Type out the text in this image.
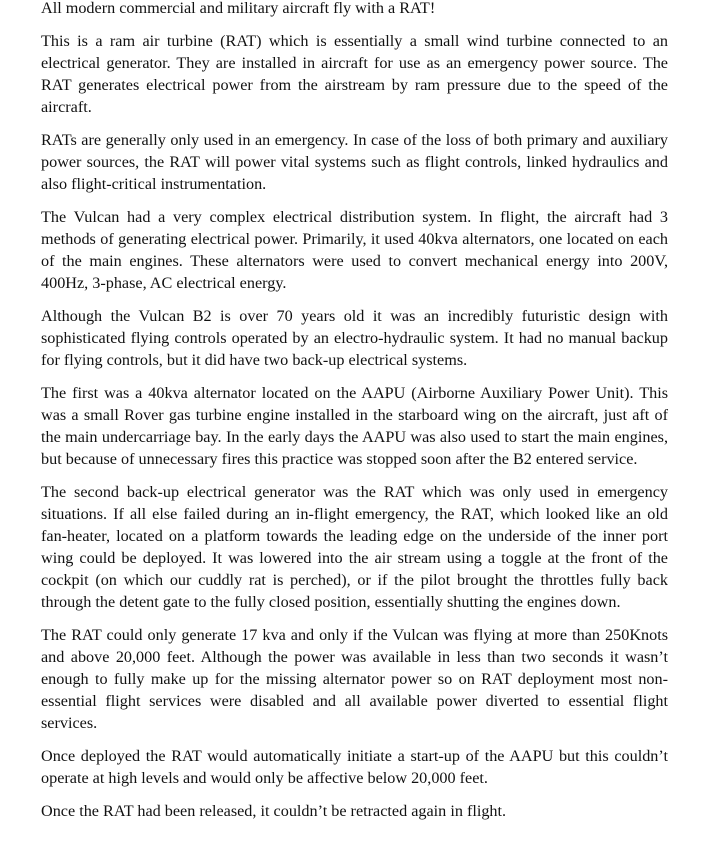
All modern commercial and military aircraft fly with a RAT!

This is a ram air turbine (RAT) which is essentially a small wind turbine connected to an electrical generator. They are installed in aircraft for use as an emergency power source. The RAT generates electrical power from the airstream by ram pressure due to the speed of the aircraft.

RATs are generally only used in an emergency. In case of the loss of both primary and auxiliary power sources, the RAT will power vital systems such as flight controls, linked hydraulics and also flight-critical instrumentation.

The Vulcan had a very complex electrical distribution system. In flight, the aircraft had 3 methods of generating electrical power. Primarily, it used 40kva alternators, one located on each of the main engines. These alternators were used to convert mechanical energy into 200V, 400Hz, 3-phase, AC electrical energy.

Although the Vulcan B2 is over 70 years old it was an incredibly futuristic design with sophisticated flying controls operated by an electro-hydraulic system. It had no manual backup for flying controls, but it did have two back-up electrical systems.

The first was a 40kva alternator located on the AAPU (Airborne Auxiliary Power Unit). This was a small Rover gas turbine engine installed in the starboard wing on the aircraft, just aft of the main undercarriage bay. In the early days the AAPU was also used to start the main engines, but because of unnecessary fires this practice was stopped soon after the B2 entered service.

The second back-up electrical generator was the RAT which was only used in emergency situations. If all else failed during an in-flight emergency, the RAT, which looked like an old fan-heater, located on a platform towards the leading edge on the underside of the inner port wing could be deployed. It was lowered into the air stream using a toggle at the front of the cockpit (on which our cuddly rat is perched), or if the pilot brought the throttles fully back through the detent gate to the fully closed position, essentially shutting the engines down.

The RAT could only generate 17 kva and only if the Vulcan was flying at more than 250Knots and above 20,000 feet. Although the power was available in less than two seconds it wasn’t enough to fully make up for the missing alternator power so on RAT deployment most non-essential flight services were disabled and all available power diverted to essential flight services.

Once deployed the RAT would automatically initiate a start-up of the AAPU but this couldn’t operate at high levels and would only be affective below 20,000 feet.

Once the RAT had been released, it couldn’t be retracted again in flight.
